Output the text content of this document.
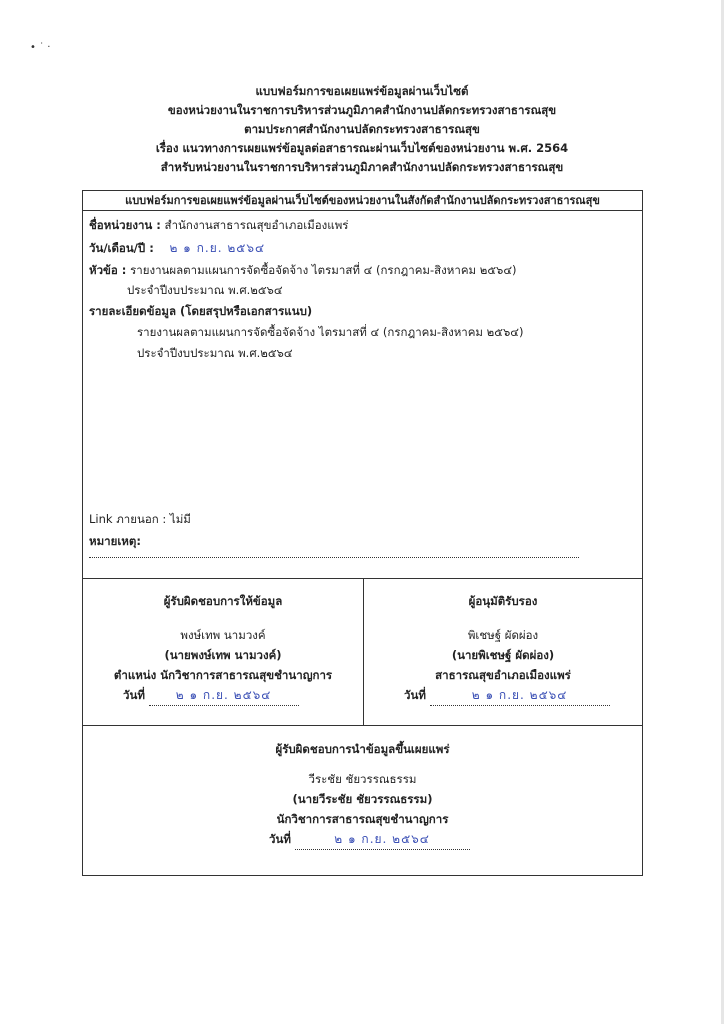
• ˙ ·
แบบฟอร์มการขอเผยแพร่ข้อมูลผ่านเว็บไซต์
ของหน่วยงานในราชการบริหารส่วนภูมิภาคสำนักงานปลัดกระทรวงสาธารณสุข
ตามประกาศสำนักงานปลัดกระทรวงสาธารณสุข
เรื่อง แนวทางการเผยแพร่ข้อมูลต่อสาธารณะผ่านเว็บไซต์ของหน่วยงาน พ.ศ. 2564
สำหรับหน่วยงานในราชการบริหารส่วนภูมิภาคสำนักงานปลัดกระทรวงสาธารณสุข
แบบฟอร์มการขอเผยแพร่ข้อมูลผ่านเว็บไซต์ของหน่วยงานในสังกัดสำนักงานปลัดกระทรวงสาธารณสุข
ชื่อหน่วยงาน : สำนักงานสาธารณสุขอำเภอเมืองแพร่
วัน/เดือน/ปี : ๒ ๑ ก.ย. ๒๕๖๔
หัวข้อ : รายงานผลตามแผนการจัดซื้อจัดจ้าง ไตรมาสที่ ๔ (กรกฎาคม-สิงหาคม ๒๕๖๔)
ประจำปีงบประมาณ พ.ศ.๒๕๖๔
รายละเอียดข้อมูล (โดยสรุปหรือเอกสารแนบ)
รายงานผลตามแผนการจัดซื้อจัดจ้าง ไตรมาสที่ ๔ (กรกฎาคม-สิงหาคม ๒๕๖๔)
ประจำปีงบประมาณ พ.ศ.๒๕๖๔
Link ภายนอก : ไม่มี
หมายเหตุ:
ผู้รับผิดชอบการให้ข้อมูล
พงษ์เทพ นามวงค์
(นายพงษ์เทพ นามวงค์)
ตำแหน่ง นักวิชาการสาธารณสุขชำนาญการ
วันที่	๒ ๑ ก.ย. ๒๕๖๔
ผู้อนุมัติรับรอง
พิเชษฐ์ ผัดผ่อง
(นายพิเชษฐ์ ผัดผ่อง)
สาธารณสุขอำเภอเมืองแพร่
วันที่	๒ ๑ ก.ย. ๒๕๖๔
ผู้รับผิดชอบการนำข้อมูลขึ้นเผยแพร่
วีระชัย ชัยวรรณธรรม
(นายวีระชัย ชัยวรรณธรรม)
นักวิชาการสาธารณสุขชำนาญการ
วันที่	๒ ๑ ก.ย. ๒๕๖๔
